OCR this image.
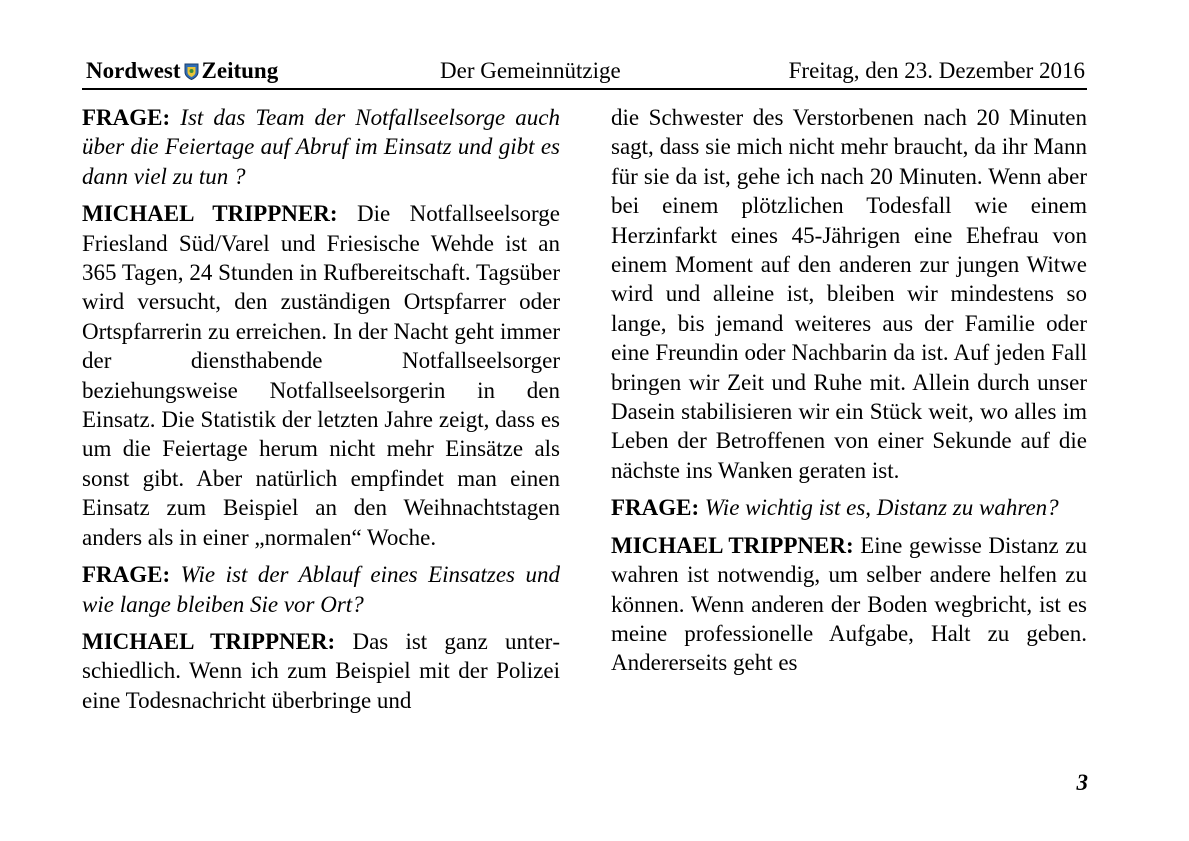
Nordwest Zeitung	Der Gemeinnützige	Freitag, den 23. Dezember 2016

FRAGE: Ist das Team der Notfallseelsorge auch über die Feiertage auf Abruf im Einsatz und gibt es dann viel zu tun ?

MICHAEL TRIPPNER: Die Notfallseelsorge Friesland Süd/Varel und Friesische Wehde ist an 365 Tagen, 24 Stunden in Rufbereitschaft. Tagsüber wird versucht, den zuständigen Ortspfarrer oder Ortspfarrerin zu erreichen. In der Nacht geht immer der diensthabende Notfallseelsorger beziehungsweise Notfallseelsorgerin in den Einsatz. Die Statistik der letzten Jahre zeigt, dass es um die Feiertage herum nicht mehr Einsätze als sonst gibt. Aber natürlich empfindet man einen Einsatz zum Beispiel an den Weihnachtstagen anders als in einer „normalen“ Woche.

FRAGE: Wie ist der Ablauf eines Einsatzes und wie lange bleiben Sie vor Ort?

MICHAEL TRIPPNER: Das ist ganz unterschiedlich. Wenn ich zum Beispiel mit der Polizei eine Todesnachricht überbringe und

die Schwester des Verstorbenen nach 20 Minuten sagt, dass sie mich nicht mehr braucht, da ihr Mann für sie da ist, gehe ich nach 20 Minuten. Wenn aber bei einem plötzlichen Todesfall wie einem Herzinfarkt eines 45-Jährigen eine Ehefrau von einem Moment auf den anderen zur jungen Witwe wird und alleine ist, bleiben wir mindestens so lange, bis jemand weiteres aus der Familie oder eine Freundin oder Nachbarin da ist. Auf jeden Fall bringen wir Zeit und Ruhe mit. Allein durch unser Dasein stabilisieren wir ein Stück weit, wo alles im Leben der Betroffenen von einer Sekunde auf die nächste ins Wanken geraten ist.

FRAGE: Wie wichtig ist es, Distanz zu wahren?

MICHAEL TRIPPNER: Eine gewisse Distanz zu wahren ist notwendig, um selber andere helfen zu können. Wenn anderen der Boden wegbricht, ist es meine professionelle Aufgabe, Halt zu geben. Andererseits geht es

3
